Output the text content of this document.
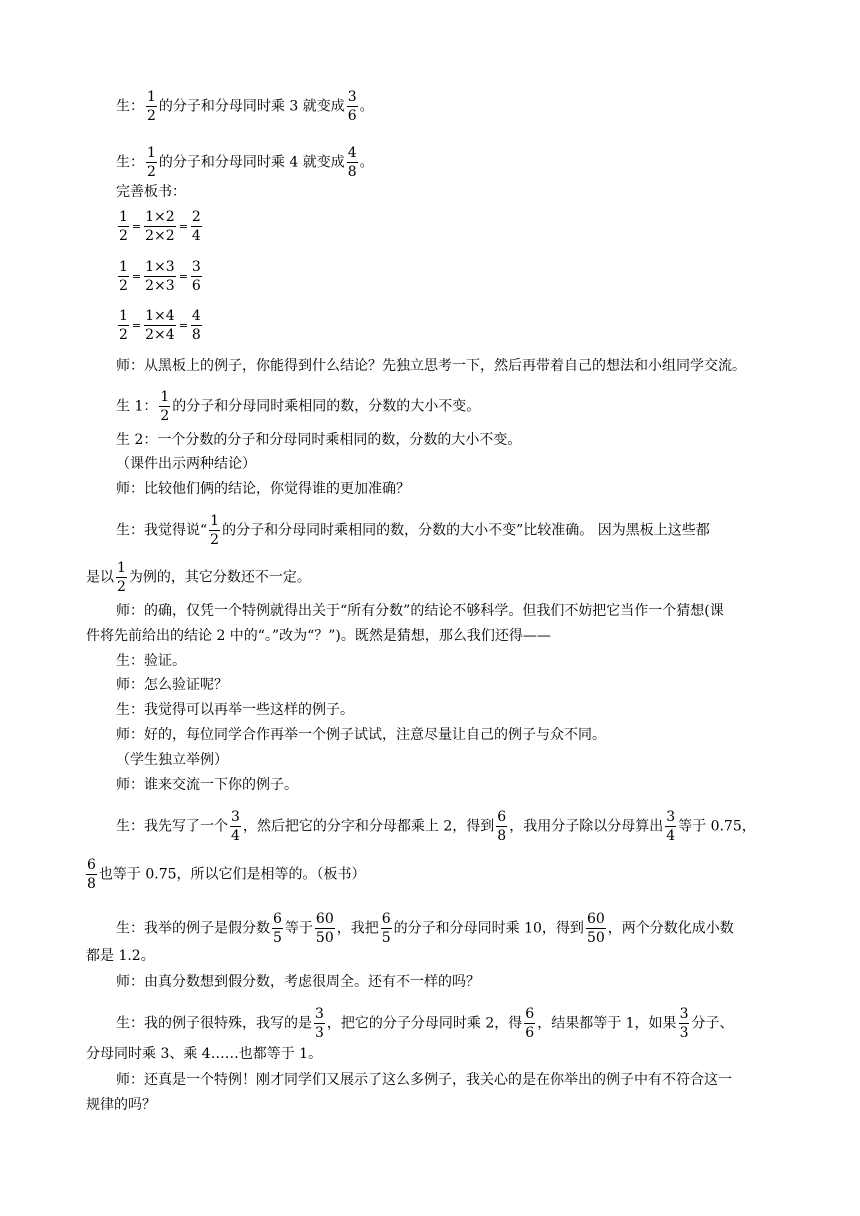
生： $\frac{1}{2}$ 的分子和分母同时乘 3 就变成 $\frac{3}{6}$ 。
生： $\frac{1}{2}$ 的分子和分母同时乘 4 就变成 $\frac{4}{8}$ 。
完善板书：
$\frac{1}{2} = \frac{1\times 2}{2\times 2} = \frac{2}{4}$
$\frac{1}{2} = \frac{1\times 3}{2\times 3} = \frac{3}{6}$
$\frac{1}{2} = \frac{1\times 4}{2\times 4} = \frac{4}{8}$
师：从黑板上的例子，你能得到什么结论？先独立思考一下，然后再带着自己的想法和小组同学交流。
生 1： $\frac{1}{2}$ 的分子和分母同时乘相同的数，分数的大小不变。
生 2：一个分数的分子和分母同时乘相同的数，分数的大小不变。
（课件出示两种结论）
师：比较他们俩的结论，你觉得谁的更加准确？
生：我觉得说“ $\frac{1}{2}$ 的分子和分母同时乘相同的数，分数的大小不变”比较准确。 因为黑板上这些都
是以 $\frac{1}{2}$ 为例的，其它分数还不一定。
师：的确，仅凭一个特例就得出关于“所有分数”的结论不够科学。但我们不妨把它当作一个猜想(课
件将先前给出的结论 2 中的“。”改为“？”)。既然是猜想，那么我们还得——
生：验证。
师：怎么验证呢？
生：我觉得可以再举一些这样的例子。
师：好的，每位同学合作再举一个例子试试，注意尽量让自己的例子与众不同。
（学生独立举例）
师：谁来交流一下你的例子。
生：我先写了一个 $\frac{3}{4}$ ，然后把它的分字和分母都乘上 2，得到 $\frac{6}{8}$ ，我用分子除以分母算出 $\frac{3}{4}$ 等于 0.75，
$\frac{6}{8}$ 也等于 0.75，所以它们是相等的。（板书）
生：我举的例子是假分数 $\frac{6}{5}$ 等于 $\frac{60}{50}$ ，我把 $\frac{6}{5}$ 的分子和分母同时乘 10，得到 $\frac{60}{50}$ ，两个分数化成小数
都是 1.2。
师：由真分数想到假分数，考虑很周全。还有不一样的吗？
生：我的例子很特殊，我写的是 $\frac{3}{3}$ ，把它的分子分母同时乘 2，得 $\frac{6}{6}$ ，结果都等于 1，如果 $\frac{3}{3}$ 分子、
分母同时乘 3、乘 4……也都等于 1。
师：还真是一个特例！刚才同学们又展示了这么多例子，我关心的是在你举出的例子中有不符合这一
规律的吗？
